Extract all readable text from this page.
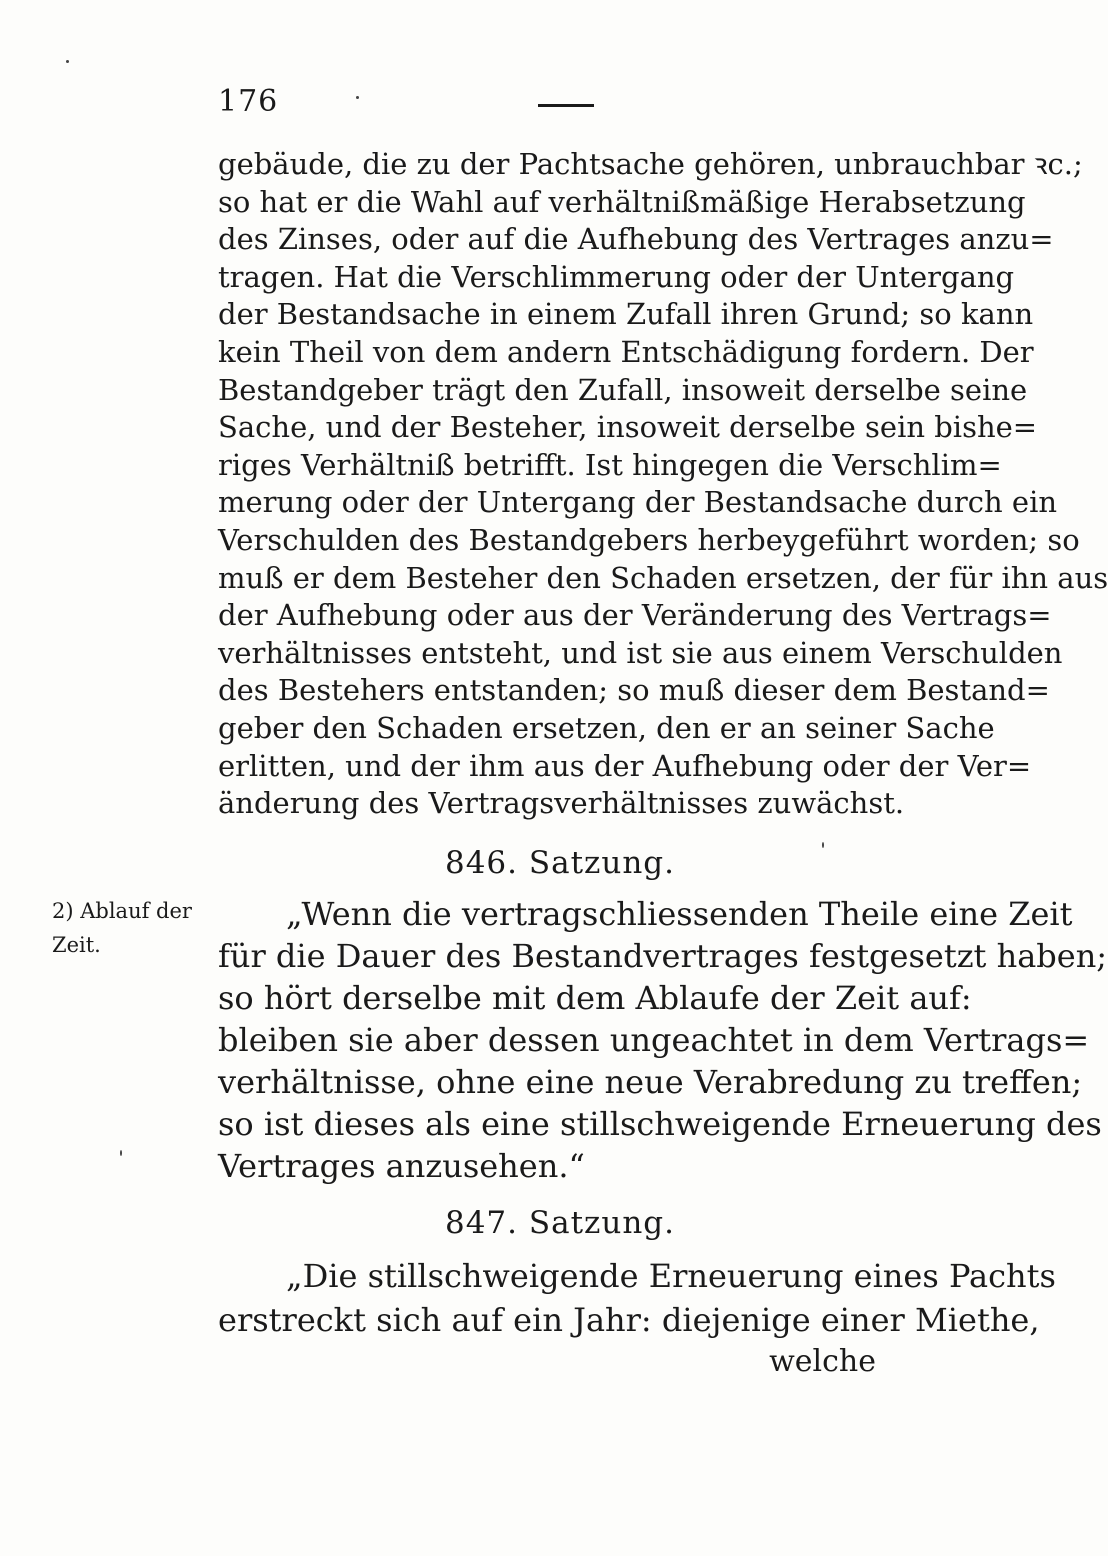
176
gebäude, die zu der Pachtsache gehören, unbrauchbar ꝛc.;
so hat er die Wahl auf verhältnißmäßige Herabsetzung
des Zinses, oder auf die Aufhebung des Vertrages anzu=
tragen. Hat die Verschlimmerung oder der Untergang
der Bestandsache in einem Zufall ihren Grund; so kann
kein Theil von dem andern Entschädigung fordern. Der
Bestandgeber trägt den Zufall, insoweit derselbe seine
Sache, und der Besteher, insoweit derselbe sein bishe=
riges Verhältniß betrifft. Ist hingegen die Verschlim=
merung oder der Untergang der Bestandsache durch ein
Verschulden des Bestandgebers herbeygeführt worden; so
muß er dem Besteher den Schaden ersetzen, der für ihn aus
der Aufhebung oder aus der Veränderung des Vertrags=
verhältnisses entsteht, und ist sie aus einem Verschulden
des Bestehers entstanden; so muß dieser dem Bestand=
geber den Schaden ersetzen, den er an seiner Sache
erlitten, und der ihm aus der Aufhebung oder der Ver=
änderung des Vertragsverhältnisses zuwächst.
846. Satzung.
2) Ablauf der
Zeit.
„Wenn die vertragschliessenden Theile eine Zeit
für die Dauer des Bestandvertrages festgesetzt haben;
so hört derselbe mit dem Ablaufe der Zeit auf:
bleiben sie aber dessen ungeachtet in dem Vertrags=
verhältnisse, ohne eine neue Verabredung zu treffen;
so ist dieses als eine stillschweigende Erneuerung des
Vertrages anzusehen.“
847. Satzung.
„Die stillschweigende Erneuerung eines Pachts
erstreckt sich auf ein Jahr: diejenige einer Miethe,
welche
